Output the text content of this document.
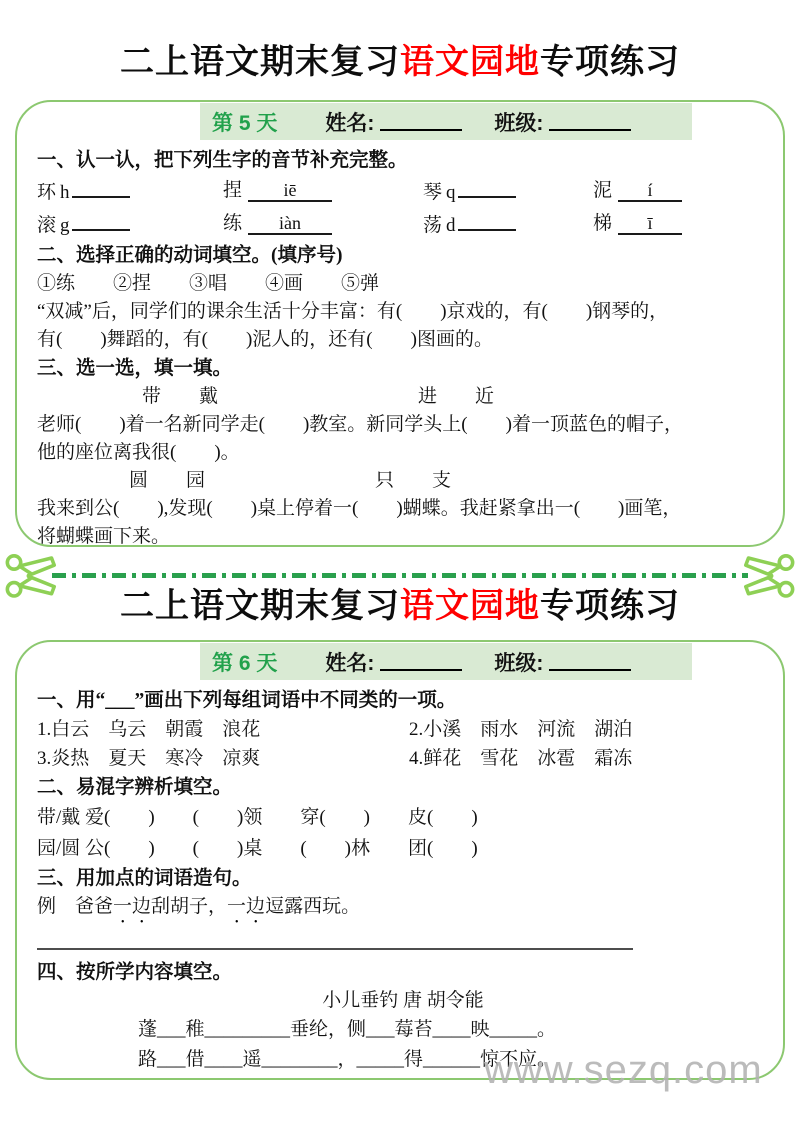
二上语文期末复习语文园地专项练习
第 5 天 姓名:	班级:

一、认一认，把下列生字的音节补充完整。

环 h	捏 iē	琴 q	泥 í
滚 g	练 iàn	荡 d	梯 ī

二、选择正确的动词填空。(填序号)

①练　　②捏　　③唱　　④画　　⑤弹

“双减”后，同学们的课余生活十分丰富：有(　　)京戏的，有(　　)钢琴的，

有(　　)舞蹈的，有(　　)泥人的，还有(　　)图画的。

三、选一选，填一填。

带　　戴	进　　近

老师(　　)着一名新同学走(　　)教室。新同学头上(　　)着一顶蓝色的帽子，

他的座位离我很(　　)。

圆　　园	只　　支

我来到公(　　),发现(　　)桌上停着一(　　)蝴蝶。我赶紧拿出一(　　)画笔，

将蝴蝶画下来。

二上语文期末复习语文园地专项练习
第 6 天 姓名:	班级:

一、用“___”画出下列每组词语中不同类的一项。

1.白云　乌云　朝霞　浪花	2.小溪　雨水　河流　湖泊
3.炎热　夏天　寒冷　凉爽	4.鲜花　雪花　冰雹　霜冻

二、易混字辨析填空。

带/戴 爱(　　)　　(　　)领　　穿(　　)　　皮(　　)

园/圆 公(　　)　　(　　)桌　　(　　)林　　团(　　)

三、用加点的词语造句。

例　爸爸一边刮胡子，一边逗露西玩。

四、按所学内容填空。

小儿垂钓 唐 胡令能

蓬___稚_________垂纶，侧___莓苔____映_____。

路___借____遥________，_____得______惊不应。

www.sezq.com
